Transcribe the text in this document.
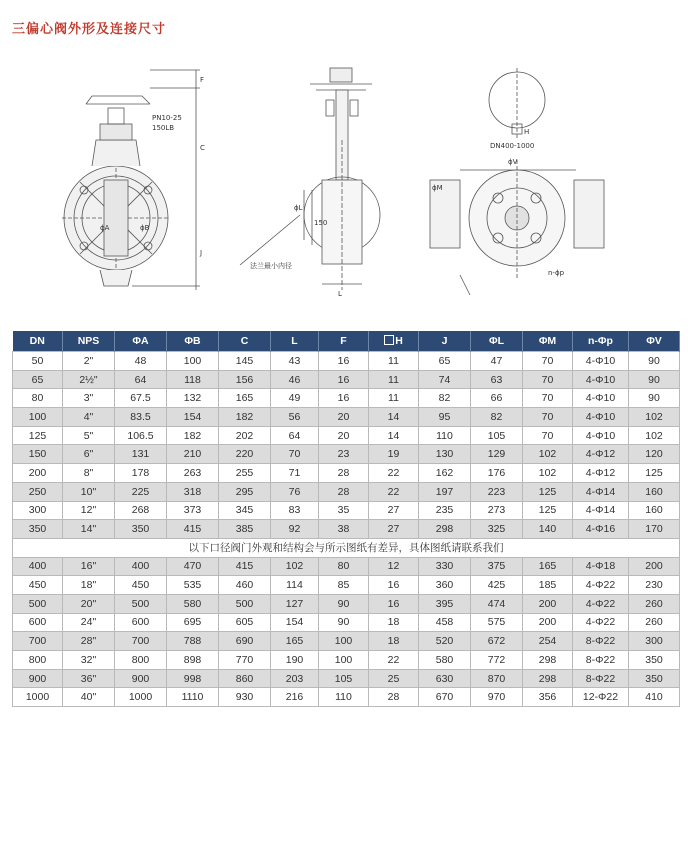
三偏心阀外形及连接尺寸
PN10-25
150LB
F
C
J
ϕA	ϕB
ϕL
150
法兰最小内径
L
DN400-1000
H
ϕV
ϕM
n-ϕp
DN	NPS	ΦA	ΦB	C	L	F	H	J	ΦL	ΦM	n-Φp	ΦV
50	2"	48	100	145	43	16	11	65	47	70	4-Φ10	90
65	2½"	64	118	156	46	16	11	74	63	70	4-Φ10	90
80	3"	67.5	132	165	49	16	11	82	66	70	4-Φ10	90
100	4"	83.5	154	182	56	20	14	95	82	70	4-Φ10	102
125	5"	106.5	182	202	64	20	14	110	105	70	4-Φ10	102
150	6"	131	210	220	70	23	19	130	129	102	4-Φ12	120
200	8"	178	263	255	71	28	22	162	176	102	4-Φ12	125
250	10"	225	318	295	76	28	22	197	223	125	4-Φ14	160
300	12"	268	373	345	83	35	27	235	273	125	4-Φ14	160
350	14"	350	415	385	92	38	27	298	325	140	4-Φ16	170
以下口径阀门外观和结构会与所示图纸有差异，具体图纸请联系我们												
400	16"	400	470	415	102	80	12	330	375	165	4-Φ18	200
450	18"	450	535	460	114	85	16	360	425	185	4-Φ22	230
500	20"	500	580	500	127	90	16	395	474	200	4-Φ22	260
600	24"	600	695	605	154	90	18	458	575	200	4-Φ22	260
700	28"	700	788	690	165	100	18	520	672	254	8-Φ22	300
800	32"	800	898	770	190	100	22	580	772	298	8-Φ22	350
900	36"	900	998	860	203	105	25	630	870	298	8-Φ22	350
1000	40"	1000	1110	930	216	110	28	670	970	356	12-Φ22	410
